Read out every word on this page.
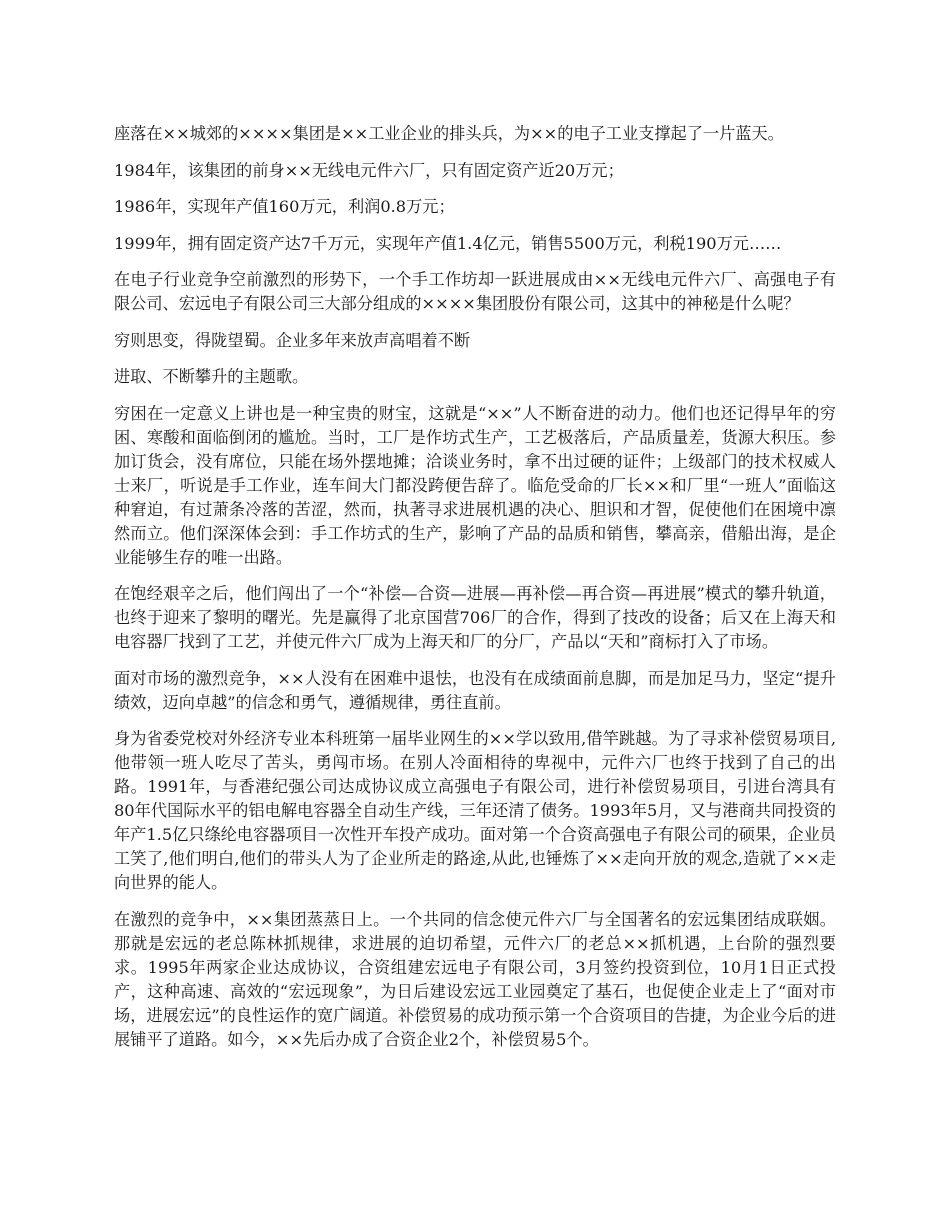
座落在××城郊的××××集团是××工业企业的排头兵，为××的电子工业支撑起了一片蓝天。

1984年，该集团的前身××无线电元件六厂，只有固定资产近20万元；

1986年，实现年产值160万元，利润0.8万元；

1999年，拥有固定资产达7千万元，实现年产值1.4亿元，销售5500万元，利税190万元……

在电子行业竞争空前激烈的形势下，一个手工作坊却一跃进展成由××无线电元件六厂、高强电子有限公司、宏远电子有限公司三大部分组成的××××集团股份有限公司，这其中的神秘是什么呢？

穷则思变，得陇望蜀。企业多年来放声高唱着不断

进取、不断攀升的主题歌。

穷困在一定意义上讲也是一种宝贵的财宝，这就是“××”人不断奋进的动力。他们也还记得早年的穷困、寒酸和面临倒闭的尴尬。当时，工厂是作坊式生产，工艺极落后，产品质量差，货源大积压。参加订货会，没有席位，只能在场外摆地摊；洽谈业务时，拿不出过硬的证件；上级部门的技术权威人士来厂，听说是手工作业，连车间大门都没跨便告辞了。临危受命的厂长××和厂里“一班人”面临这种窘迫，有过萧条冷落的苦涩，然而，执著寻求进展机遇的决心、胆识和才智，促使他们在困境中凛然而立。他们深深体会到：手工作坊式的生产，影响了产品的品质和销售，攀高亲，借船出海，是企业能够生存的唯一出路。

在饱经艰辛之后，他们闯出了一个“补偿—合资—进展—再补偿—再合资—再进展”模式的攀升轨道，也终于迎来了黎明的曙光。先是赢得了北京国营706厂的合作，得到了技改的设备；后又在上海天和电容器厂找到了工艺，并使元件六厂成为上海天和厂的分厂，产品以“天和”商标打入了市场。

面对市场的激烈竞争，××人没有在困难中退怯，也没有在成绩面前息脚，而是加足马力，坚定“提升绩效，迈向卓越”的信念和勇气，遵循规律，勇往直前。

身为省委党校对外经济专业本科班第一届毕业网生的××学以致用,借竿跳越。为了寻求补偿贸易项目,他带领一班人吃尽了苦头，勇闯市场。在别人冷面相待的卑视中，元件六厂也终于找到了自己的出路。1991年，与香港纪强公司达成协议成立高强电子有限公司，进行补偿贸易项目，引进台湾具有80年代国际水平的铝电解电容器全自动生产线，三年还清了债务。1993年5月，又与港商共同投资的年产1.5亿只绦纶电容器项目一次性开车投产成功。面对第一个合资高强电子有限公司的硕果，企业员工笑了,他们明白,他们的带头人为了企业所走的路途,从此,也锤炼了××走向开放的观念,造就了××走向世界的能人。

在激烈的竞争中，××集团蒸蒸日上。一个共同的信念使元件六厂与全国著名的宏远集团结成联姻。那就是宏远的老总陈林抓规律，求进展的迫切希望，元件六厂的老总××抓机遇，上台阶的强烈要求。1995年两家企业达成协议，合资组建宏远电子有限公司，3月签约投资到位，10月1日正式投产，这种高速、高效的“宏远现象”，为日后建设宏远工业园奠定了基石，也促使企业走上了“面对市场，进展宏远”的良性运作的宽广阔道。补偿贸易的成功预示第一个合资项目的告捷，为企业今后的进展铺平了道路。如今，××先后办成了合资企业2个，补偿贸易5个。
